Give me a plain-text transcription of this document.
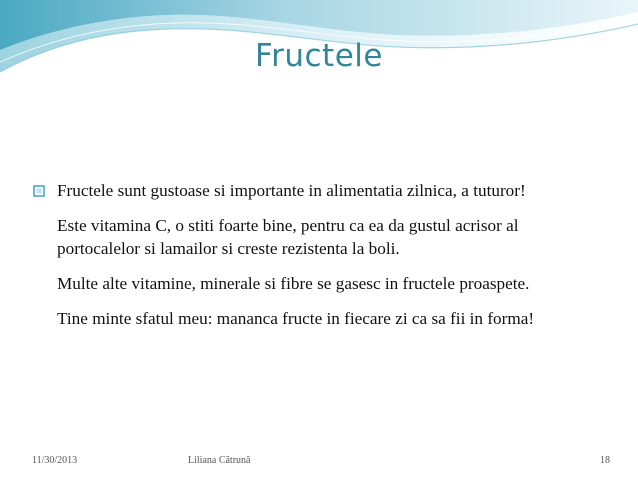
Fructele

Fructele sunt gustoase si importante in alimentatia zilnica, a tuturor!

Este vitamina C, o stiti foarte bine, pentru ca ea da gustul acrisor al portocalelor si lamailor si creste rezistenta la boli.

Multe alte vitamine, minerale si fibre se gasesc in fructele proaspete.

Tine minte sfatul meu: mananca fructe in fiecare zi ca sa fii in forma!

11/30/2013	Liliana Cătrună	18
